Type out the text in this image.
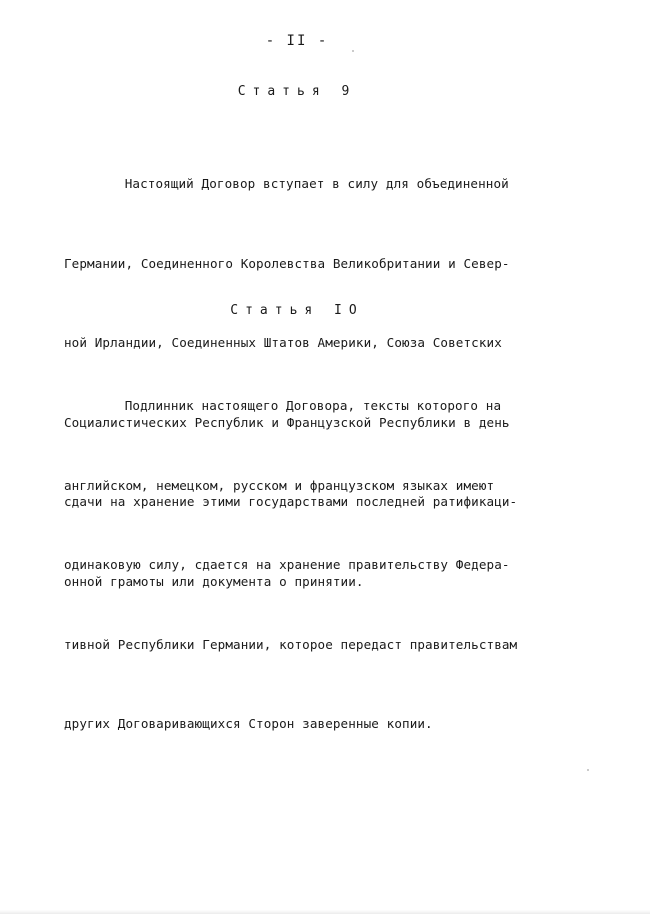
- II -
Статья 9

Настоящий Договор вступает в силу для объединенной

Германии, Соединенного Королевства Великобритании и Север-

ной Ирландии, Соединенных Штатов Америки, Союза Советских

Социалистических Республик и Французской Республики в день

сдачи на хранение этими государствами последней ратификаци-

онной грамоты или документа о принятии.

Статья IO

Подлинник настоящего Договора, тексты которого на

английском, немецком, русском и французском языках имеют

одинаковую силу, сдается на хранение правительству Федера-

тивной Республики Германии, которое передаст правительствам

других Договаривающихся Сторон заверенные копии.
